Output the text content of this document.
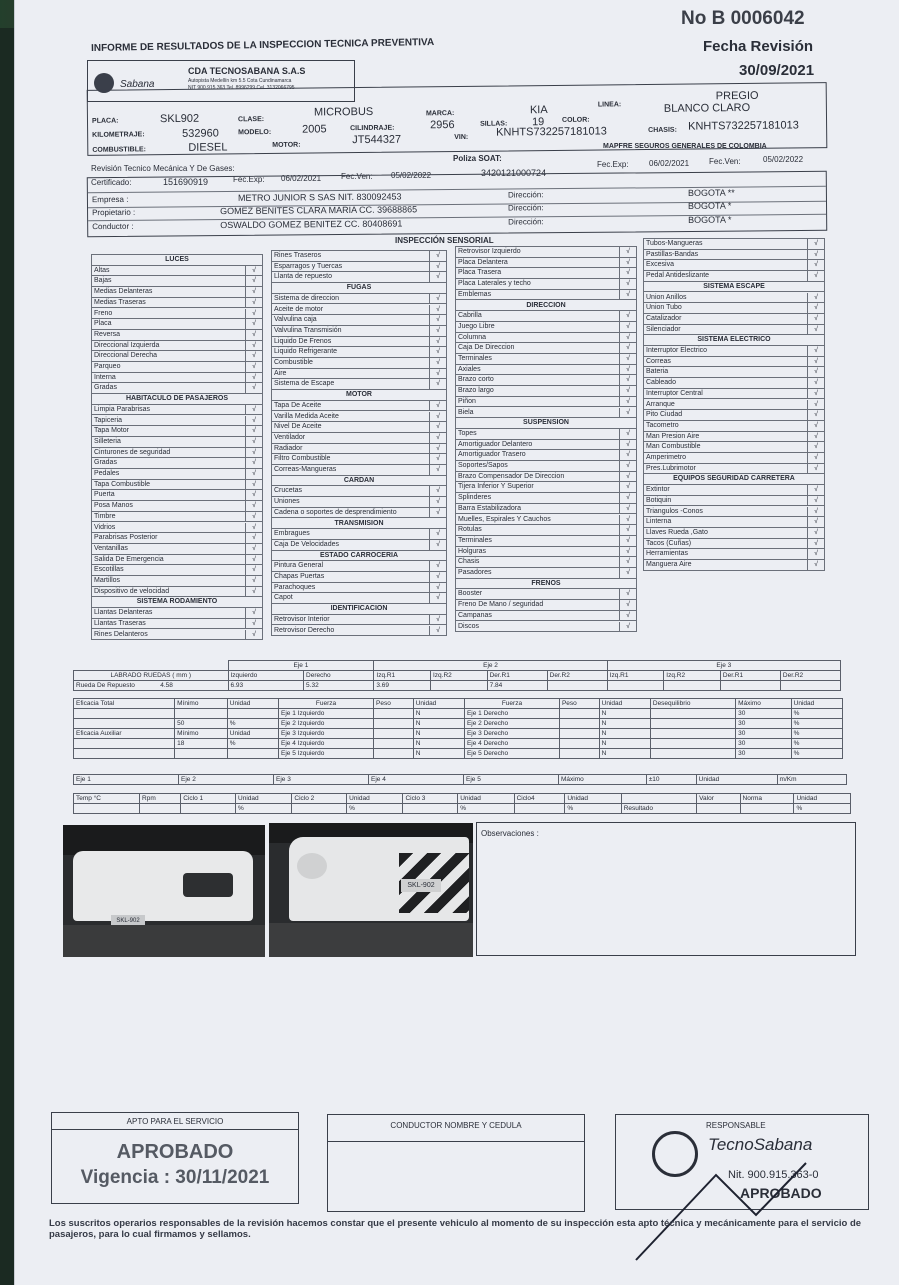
No B 0006042
Fecha Revisión
30/09/2021
INFORME DE RESULTADOS DE LA INSPECCION TECNICA PREVENTIVA
Sabana
CDA TECNOSABANA S.A.S
Autopista Medellín km 5.5 Cota Cundinamarca
NIT 900.915.363 Tel. 8996299 Cel. 3132066795
PLACA:	SKL902	CLASE:
MICROBUS	MARCA:	KIA	LINEA:
PREGIO
KILOMETRAJE:	532960	MODELO:	2005	CILINDRAJE:	2956	SILLAS: 19	COLOR:
BLANCO CLARO
COMBUSTIBLE:	DIESEL	MOTOR:	JT544327	VIN:	KNHTS732257181013	CHASIS: KNHTS732257181013
Revisión Tecnico Mecánica Y De Gases:
Certificado:	151690919	Fec.Exp: 06/02/2021 Fec.Ven: 05/02/2022
Poliza SOAT:
3420121000724
MAPFRE SEGUROS GENERALES DE COLOMBIA
Fec.Exp:	06/02/2021 Fec.Ven:	05/02/2022
Empresa :	METRO JUNIOR S SAS NIT. 830092453	Dirección:	BOGOTA **
Propietario :	GOMEZ BENITES CLARA MARIA CC. 39688865	Dirección:	BOGOTA *
Conductor :	OSWALDO GOMEZ BENITEZ CC. 80408691	Dirección:	BOGOTA *
INSPECCIÓN SENSORIAL
LUCES
Altas	√
Bajas	√
Medias Delanteras	√
Medias Traseras	√
Freno	√
Placa	√
Reversa	√
Direccional Izquierda	√
Direccional Derecha	√
Parqueo	√
Interna	√
Gradas	√
HABITACULO DE PASAJEROS
Limpia Parabrisas	√
Tapiceria	√
Tapa Motor	√
Silleteria	√
Cinturones de seguridad	√
Gradas	√
Pedales	√
Tapa Combustible	√
Puerta	√
Posa Manos	√
Timbre	√
Vidrios	√
Parabrisas Posterior	√
Ventanillas	√
Salida De Emergencia	√
Escotillas	√
Martillos	√
Dispositivo de velocidad	√
SISTEMA RODAMIENTO
Llantas Delanteras	√
Llantas Traseras	√
Rines Delanteros	√
Rines Traseros	√
Esparragos y Tuercas	√
Llanta de repuesto	√
FUGAS
Sistema de direccion	√
Aceite de motor	√
Valvulina caja	√
Valvulina Transmisión	√
Liquido De Frenos	√
Liquido Refrigerante	√
Combustible	√
Aire	√
Sistema de Escape	√
MOTOR
Tapa De Aceite	√
Varilla Medida Aceite	√
Nivel De Aceite	√
Ventilador	√
Radiador	√
Filtro Combustible	√
Correas-Mangueras	√
CARDAN
Crucetas	√
Uniones	√
Cadena o soportes de desprendimiento	√
TRANSMISION
Embragues	√
Caja De Velocidades	√
ESTADO CARROCERIA
Pintura General	√
Chapas Puertas	√
Parachoques	√
Capot	√
IDENTIFICACION
Retrovisor Interior	√
Retrovisor Derecho	√
Retrovisor Izquierdo	√
Placa Delantera	√
Placa Trasera	√
Placa Laterales y techo	√
Emblemas	√
DIRECCION
Cabrilla	√
Juego Libre	√
Columna	√
Caja De Direccion	√
Terminales	√
Axiales	√
Brazo corto	√
Brazo largo	√
Piñon	√
Biela	√
SUSPENSION
Topes	√
Amortiguador Delantero	√
Amortiguador Trasero	√
Soportes/Sapos	√
Brazo Compensador De Direccion	√
Tijera Inferior Y Superior	√
Splinderes	√
Barra Estabilizadora	√
Muelles, Espirales Y Cauchos	√
Rotulas	√
Terminales	√
Holguras	√
Chasis	√
Pasadores	√
FRENOS
Booster	√
Freno De Mano / seguridad	√
Campanas	√
Discos	√
Tubos-Mangueras	√
Pastillas-Bandas	√
Excesiva	√
Pedal Antideslizante	√
SISTEMA ESCAPE
Union Anillos	√
Union Tubo	√
Catalizador	√
Silenciador	√
SISTEMA ELECTRICO
Interruptor Electrico	√
Correas	√
Bateria	√
Cableado	√
Interruptor Central	√
Arranque	√
Pito Ciudad	√
Tacometro	√
Man Presion Aire	√
Man Combustible	√
Amperimetro	√
Pres.Lubrimotor	√
EQUIPOS SEGURIDAD CARRETERA
Extintor	√
Botiquin	√
Triangulos -Conos	√
Linterna	√
Llaves Rueda ,Gato	√
Tacos (Cuñas)	√
Herramientas	√
Manguera Aire	√
	Eje 1		Eje 2				Eje 3			
LABRADO RUEDAS ( mm )	Izquierdo	Derecho	Izq.R1	Izq.R2	Der.R1	Der.R2	Izq.R1	Izq.R2	Der.R1	Der.R2
Rueda De Repuesto 4.58	6.93	5.32	3.69		7.84					
Eficacia Total	Mínimo	Unidad	Fuerza	Peso	Unidad	Fuerza	Peso	Unidad	Desequilibrio	Máximo	Unidad
			Eje 1 Izquierdo		N	Eje 1 Derecho		N		30	%
	50	%	Eje 2 Izquierdo		N	Eje 2 Derecho		N		30	%
Eficacia Auxiliar	Mínimo	Unidad	Eje 3 Izquierdo		N	Eje 3 Derecho		N		30	%
	18	%	Eje 4 Izquierdo		N	Eje 4 Derecho		N		30	%
			Eje 5 Izquierdo		N	Eje 5 Derecho		N		30	%
Eje 1	Eje 2	Eje 3	Eje 4	Eje 5	Máximo	±10	Unidad	m/Km
Temp °C	Rpm	Ciclo 1	Unidad	Ciclo 2	Unidad	Ciclo 3	Unidad	Ciclo4	Unidad		Valor	Norma	Unidad
			%		%		%		%	Resultado			%
SKL-902
SKL-902
Observaciones :
APTO PARA EL SERVICIO
APROBADO
Vigencia : 30/11/2021
CONDUCTOR NOMBRE Y CEDULA	RESPONSABLE
TecnoSabana
Nit. 900.915.363-0
APROBADO
Los suscritos operarios responsables de la revisión hacemos constar que el presente vehiculo al momento de su inspección esta apto técnica y mecánicamente para el servicio de pasajeros, para lo cual firmamos y sellamos.
